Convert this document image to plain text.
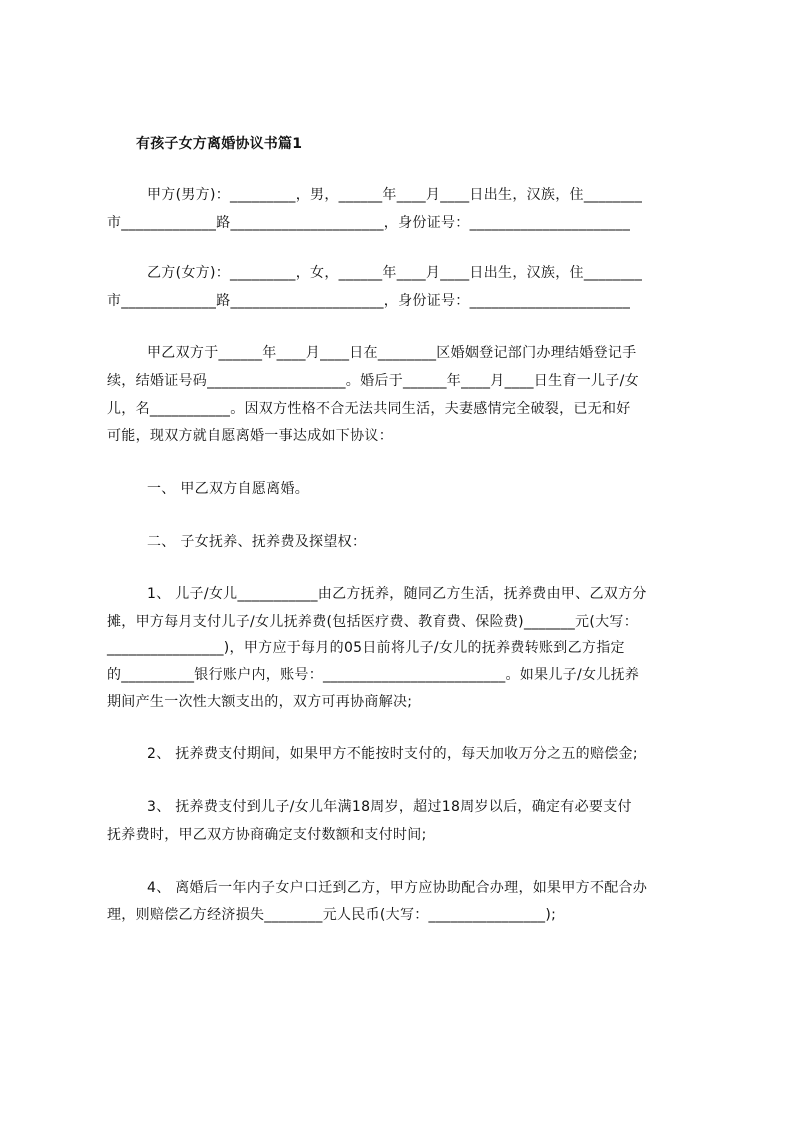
有孩子女方离婚协议书篇1
甲方(男方)：_________，男，______年____月____日出生，汉族，住________
市_____________路_____________________，身份证号：______________________
乙方(女方)：_________，女，______年____月____日出生，汉族，住________
市_____________路_____________________，身份证号：______________________
甲乙双方于______年____月____日在________区婚姻登记部门办理结婚登记手
续，结婚证号码___________________。婚后于______年____月____日生育一儿子/女
儿，名___________。因双方性格不合无法共同生活，夫妻感情完全破裂，已无和好
可能，现双方就自愿离婚一事达成如下协议：
一、 甲乙双方自愿离婚。
二、 子女抚养、抚养费及探望权：
1、 儿子/女儿___________由乙方抚养，随同乙方生活，抚养费由甲、乙双方分
摊，甲方每月支付儿子/女儿抚养费(包括医疗费、教育费、保险费)_______元(大写：
________________)，甲方应于每月的05日前将儿子/女儿的抚养费转账到乙方指定
的__________银行账户内，账号：_________________________。如果儿子/女儿抚养
期间产生一次性大额支出的，双方可再协商解决;
2、 抚养费支付期间，如果甲方不能按时支付的，每天加收万分之五的赔偿金;
3、 抚养费支付到儿子/女儿年满18周岁，超过18周岁以后，确定有必要支付
抚养费时，甲乙双方协商确定支付数额和支付时间;
4、 离婚后一年内子女户口迁到乙方，甲方应协助配合办理，如果甲方不配合办
理，则赔偿乙方经济损失________元人民币(大写：________________);
